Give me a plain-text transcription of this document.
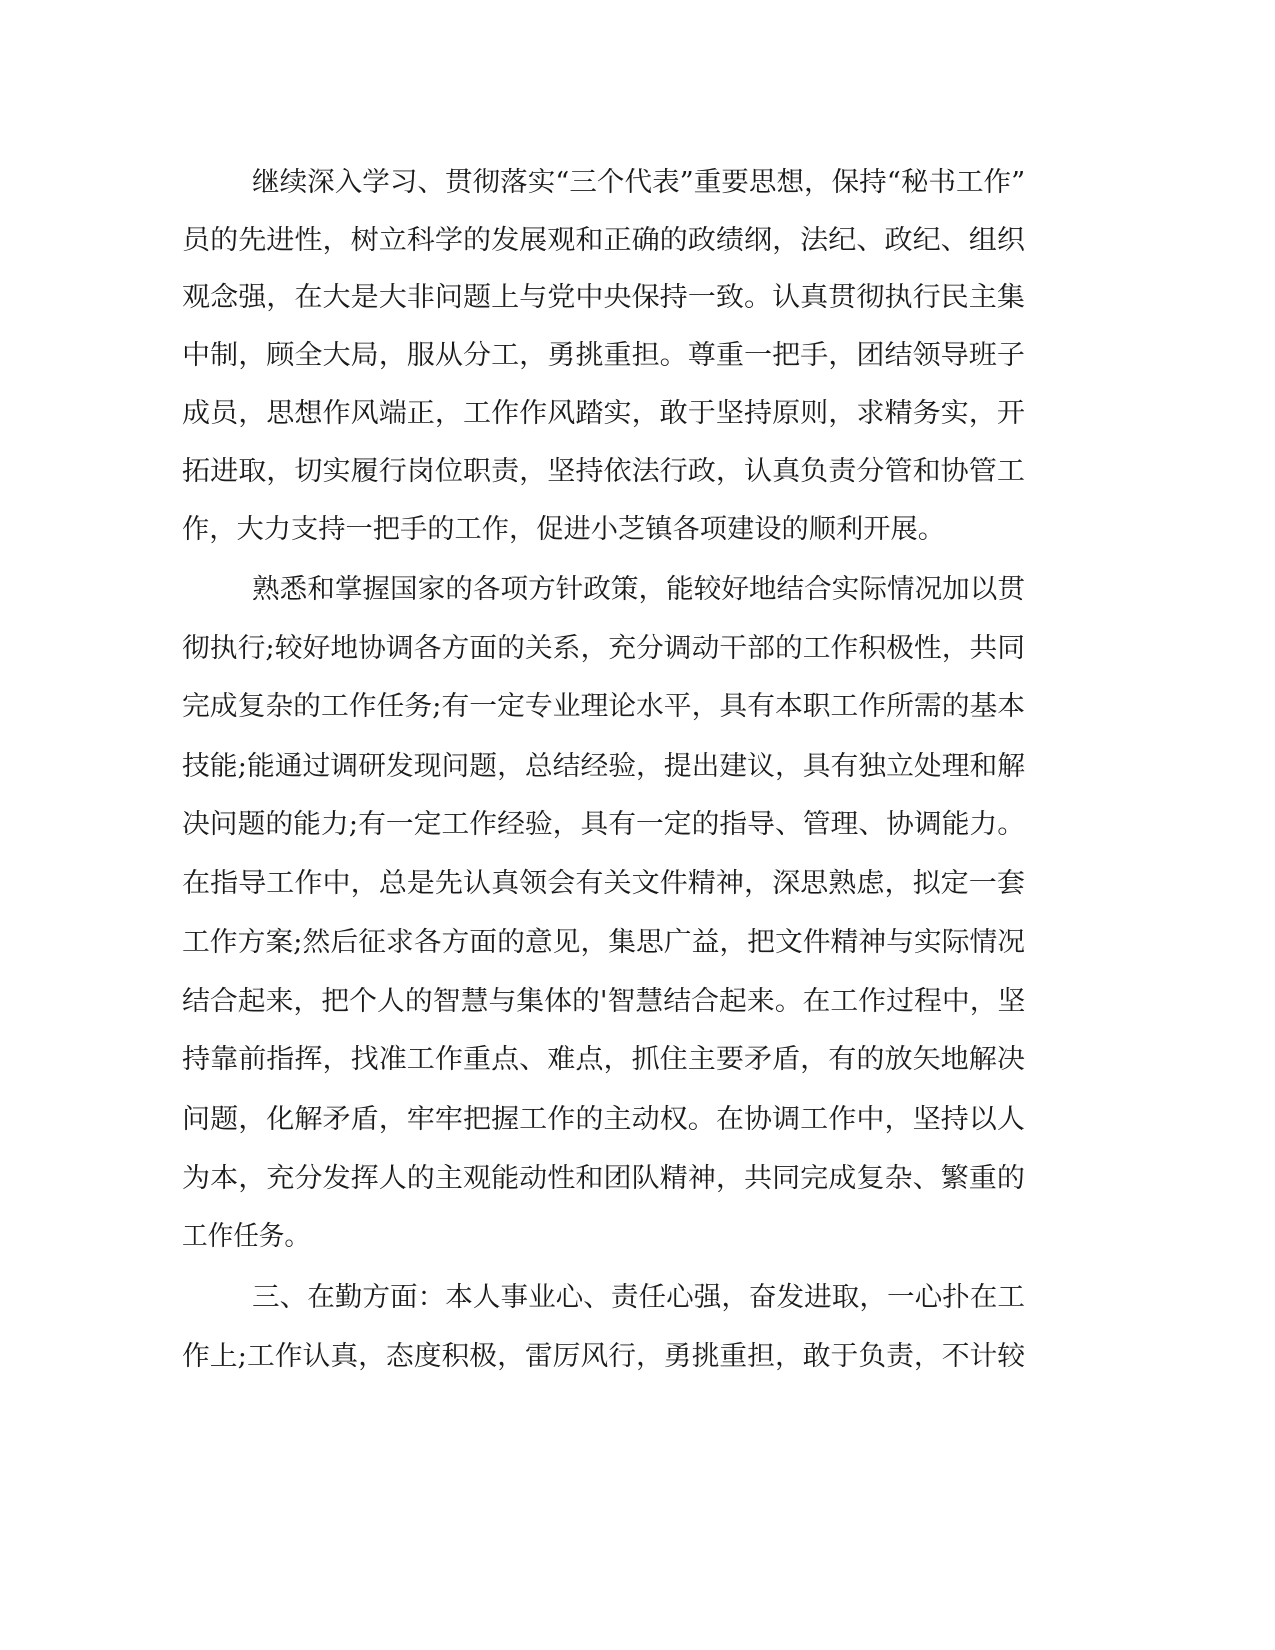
继续深入学习、贯彻落实“三个代表”重要思想，保持“秘书工作”

员的先进性，树立科学的发展观和正确的政绩纲，法纪、政纪、组织

观念强，在大是大非问题上与党中央保持一致。认真贯彻执行民主集

中制，顾全大局，服从分工，勇挑重担。尊重一把手，团结领导班子

成员，思想作风端正，工作作风踏实，敢于坚持原则，求精务实，开

拓进取，切实履行岗位职责，坚持依法行政，认真负责分管和协管工

作，大力支持一把手的工作，促进小芝镇各项建设的顺利开展。

熟悉和掌握国家的各项方针政策，能较好地结合实际情况加以贯

彻执行;较好地协调各方面的关系，充分调动干部的工作积极性，共同

完成复杂的工作任务;有一定专业理论水平，具有本职工作所需的基本

技能;能通过调研发现问题，总结经验，提出建议，具有独立处理和解

决问题的能力;有一定工作经验，具有一定的指导、管理、协调能力。

在指导工作中，总是先认真领会有关文件精神，深思熟虑，拟定一套

工作方案;然后征求各方面的意见，集思广益，把文件精神与实际情况

结合起来，把个人的智慧与集体的'智慧结合起来。在工作过程中，坚

持靠前指挥，找准工作重点、难点，抓住主要矛盾，有的放矢地解决

问题，化解矛盾，牢牢把握工作的主动权。在协调工作中，坚持以人

为本，充分发挥人的主观能动性和团队精神，共同完成复杂、繁重的

工作任务。

三、在勤方面：本人事业心、责任心强，奋发进取，一心扑在工

作上;工作认真，态度积极，雷厉风行，勇挑重担，敢于负责，不计较
